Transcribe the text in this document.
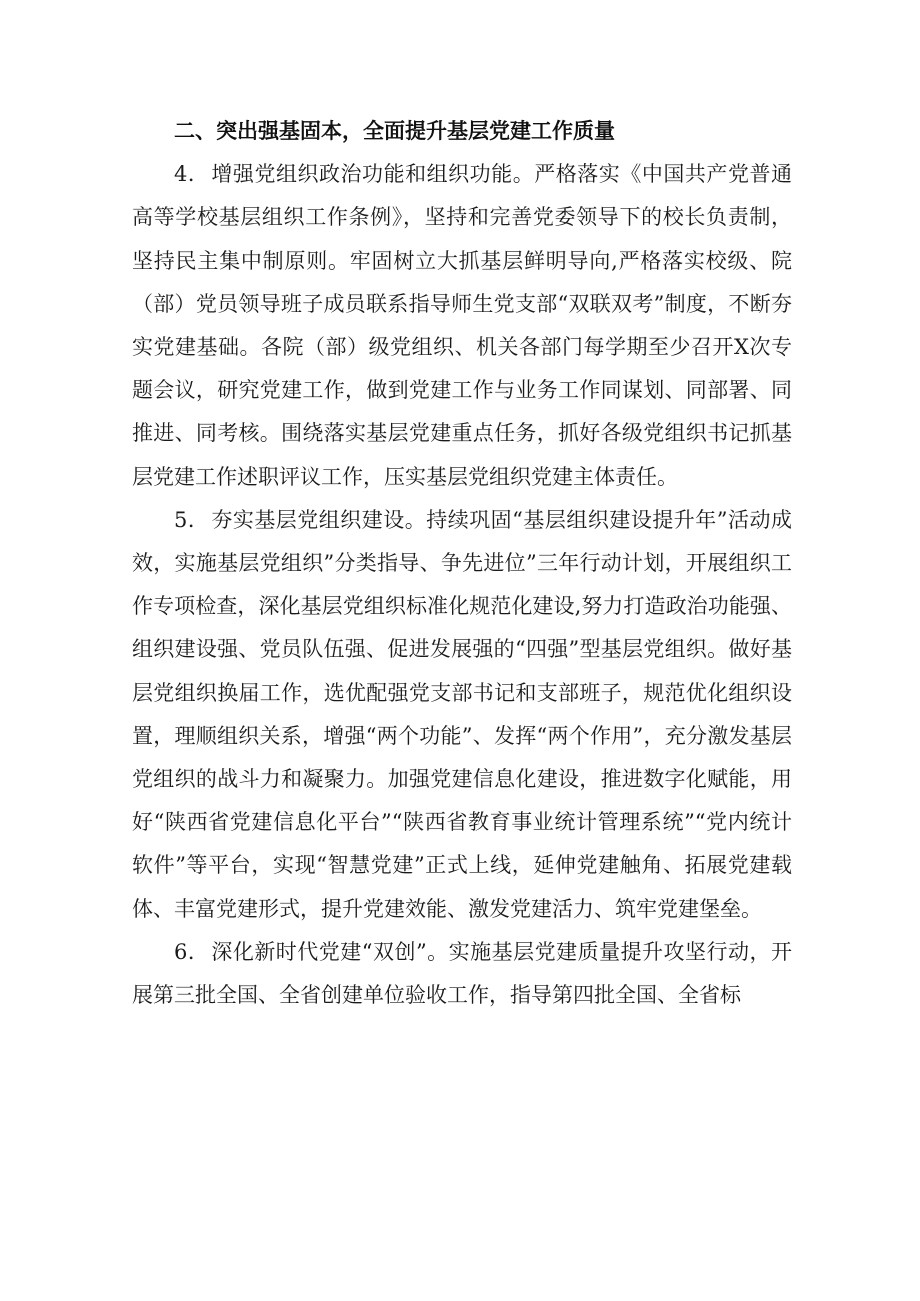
二、突出强基固本，全面提升基层党建工作质量

4．增强党组织政治功能和组织功能。严格落实《中国共产党普通高等学校基层组织工作条例》，坚持和完善党委领导下的校长负责制，坚持民主集中制原则。牢固树立大抓基层鲜明导向,严格落实校级、院（部）党员领导班子成员联系指导师生党支部“双联双考”制度，不断夯实党建基础。各院（部）级党组织、机关各部门每学期至少召开X次专题会议，研究党建工作，做到党建工作与业务工作同谋划、同部署、同推进、同考核。围绕落实基层党建重点任务，抓好各级党组织书记抓基层党建工作述职评议工作，压实基层党组织党建主体责任。

5．夯实基层党组织建设。持续巩固“基层组织建设提升年”活动成效，实施基层党组织”分类指导、争先进位”三年行动计划，开展组织工作专项检查，深化基层党组织标准化规范化建设,努力打造政治功能强、组织建设强、党员队伍强、促进发展强的“四强”型基层党组织。做好基层党组织换届工作，选优配强党支部书记和支部班子，规范优化组织设置，理顺组织关系，增强“两个功能”、发挥“两个作用”，充分激发基层党组织的战斗力和凝聚力。加强党建信息化建设，推进数字化赋能，用好“陕西省党建信息化平台”“陕西省教育事业统计管理系统”“党内统计软件”等平台，实现“智慧党建”正式上线，延伸党建触角、拓展党建载体、丰富党建形式，提升党建效能、激发党建活力、筑牢党建堡垒。

6．深化新时代党建“双创”。实施基层党建质量提升攻坚行动，开展第三批全国、全省创建单位验收工作，指导第四批全国、全省标
